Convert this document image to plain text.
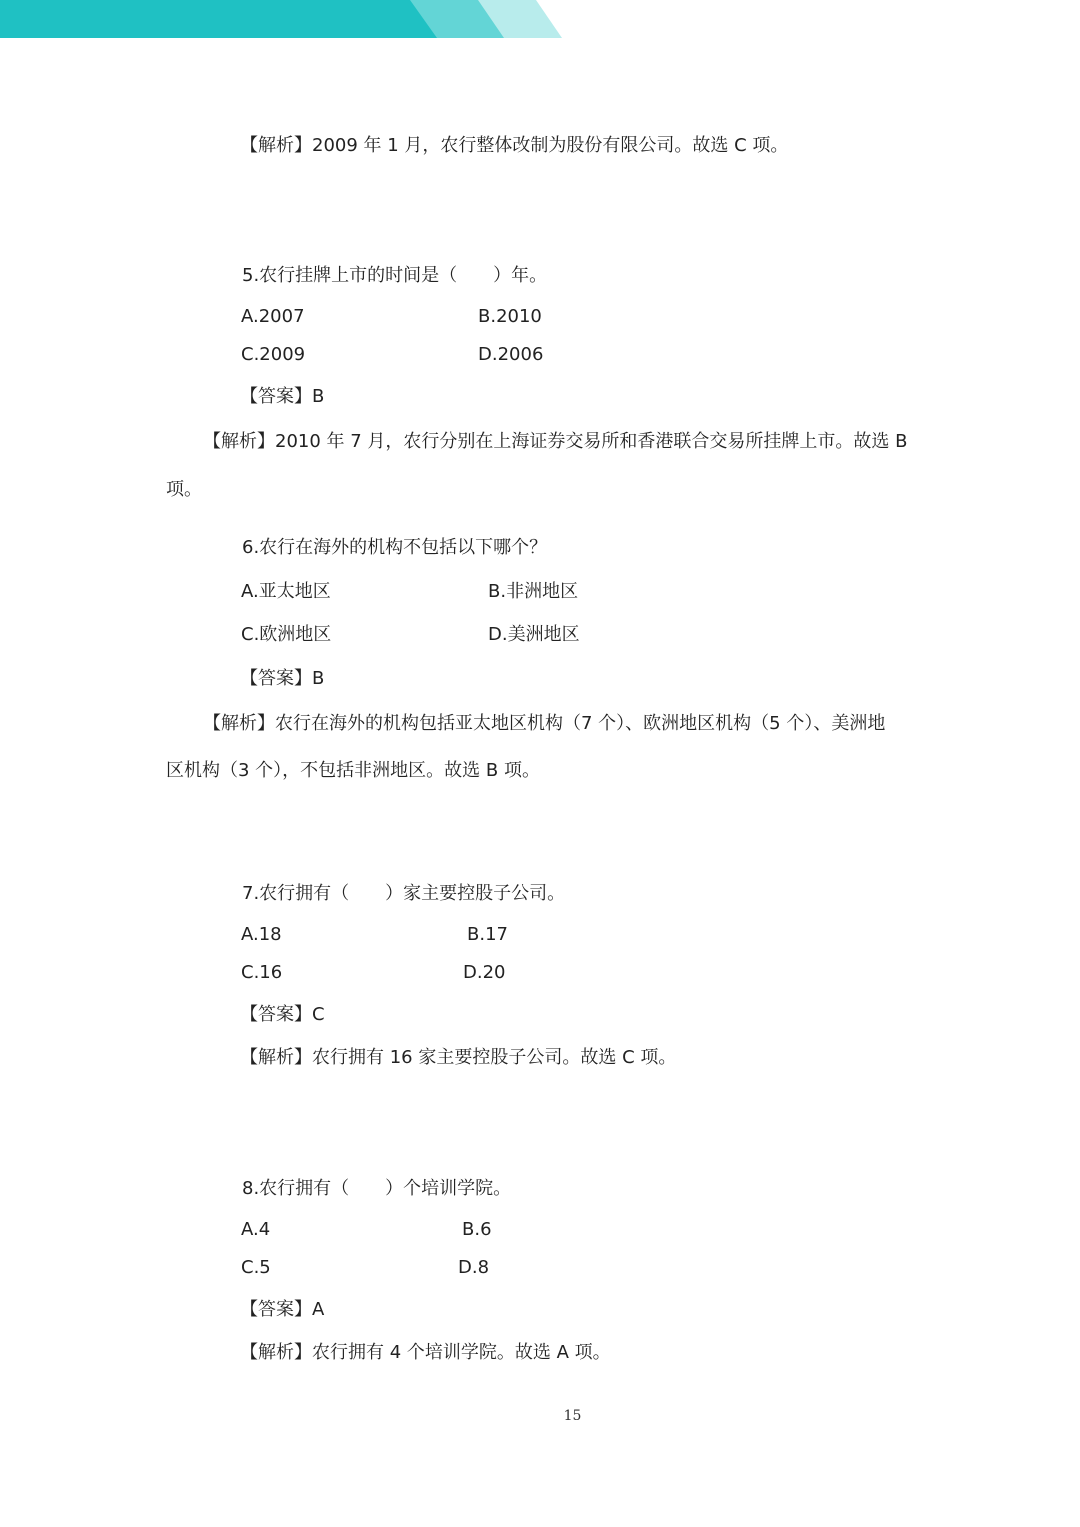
【解析】2009 年 1 月，农行整体改制为股份有限公司。故选 C 项。
5.农行挂牌上市的时间是（　　）年。
A.2007	B.2010
C.2009	D.2006
【答案】B
【解析】2010 年 7 月，农行分别在上海证券交易所和香港联合交易所挂牌上市。故选 B
项。
6.农行在海外的机构不包括以下哪个？
A.亚太地区	B.非洲地区
C.欧洲地区	D.美洲地区
【答案】B
【解析】农行在海外的机构包括亚太地区机构（7 个）、欧洲地区机构（5 个）、美洲地
区机构（3 个），不包括非洲地区。故选 B 项。
7.农行拥有（　　）家主要控股子公司。
A.18	B.17
C.16	D.20
【答案】C
【解析】农行拥有 16 家主要控股子公司。故选 C 项。
8.农行拥有（　　）个培训学院。
A.4	B.6
C.5	D.8
【答案】A
【解析】农行拥有 4 个培训学院。故选 A 项。
15
